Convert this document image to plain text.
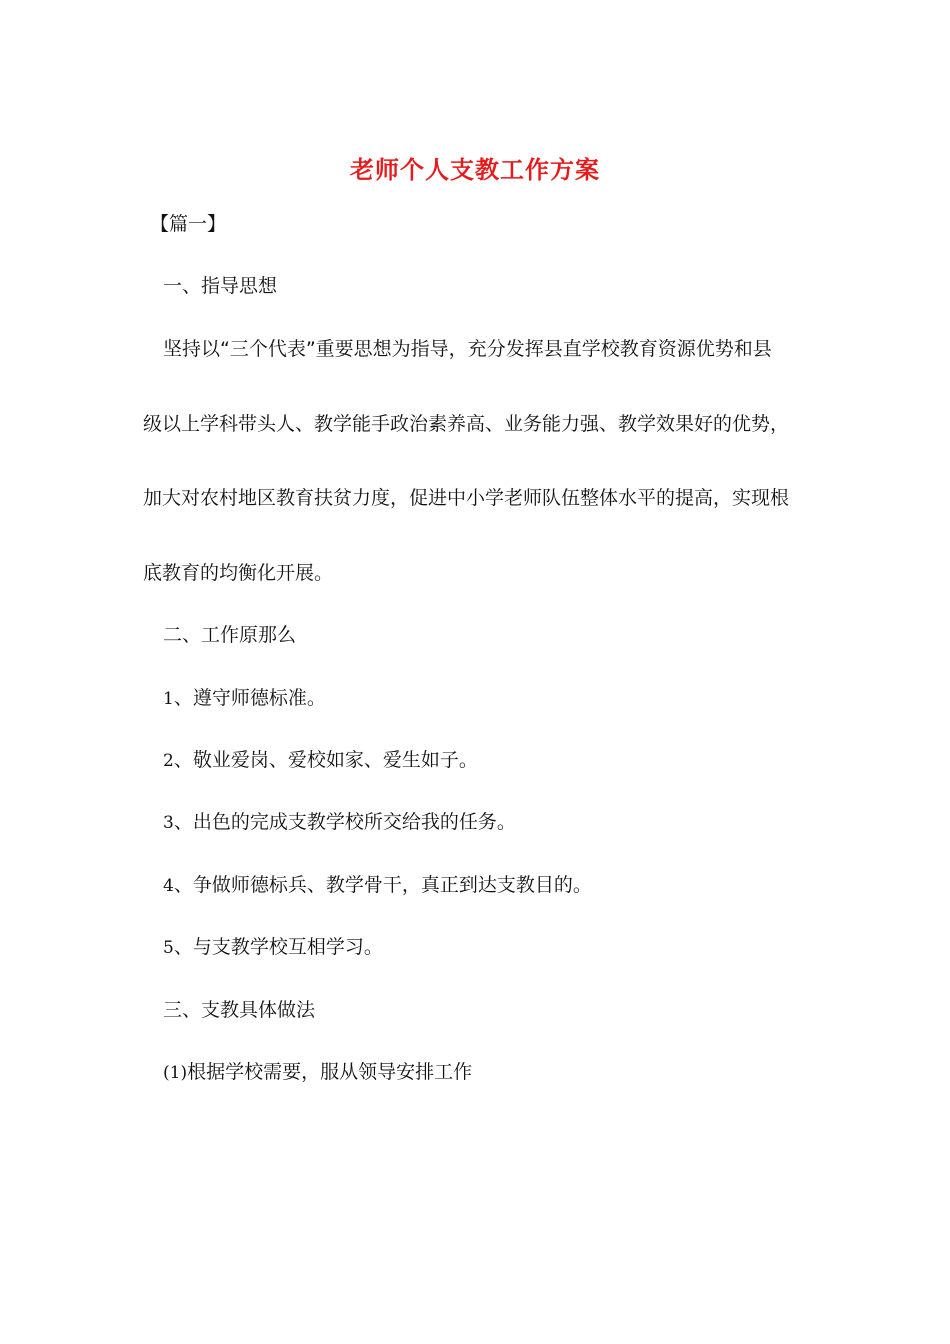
老师个人支教工作方案
【篇一】
一、指导思想
坚持以“三个代表”重要思想为指导，充分发挥县直学校教育资源优势和县
级以上学科带头人、教学能手政治素养高、业务能力强、教学效果好的优势，
加大对农村地区教育扶贫力度，促进中小学老师队伍整体水平的提高，实现根
底教育的均衡化开展。
二、工作原那么
1、遵守师德标准。
2、敬业爱岗、爱校如家、爱生如子。
3、出色的完成支教学校所交给我的任务。
4、争做师德标兵、教学骨干，真正到达支教目的。
5、与支教学校互相学习。
三、支教具体做法
(1)根据学校需要，服从领导安排工作
